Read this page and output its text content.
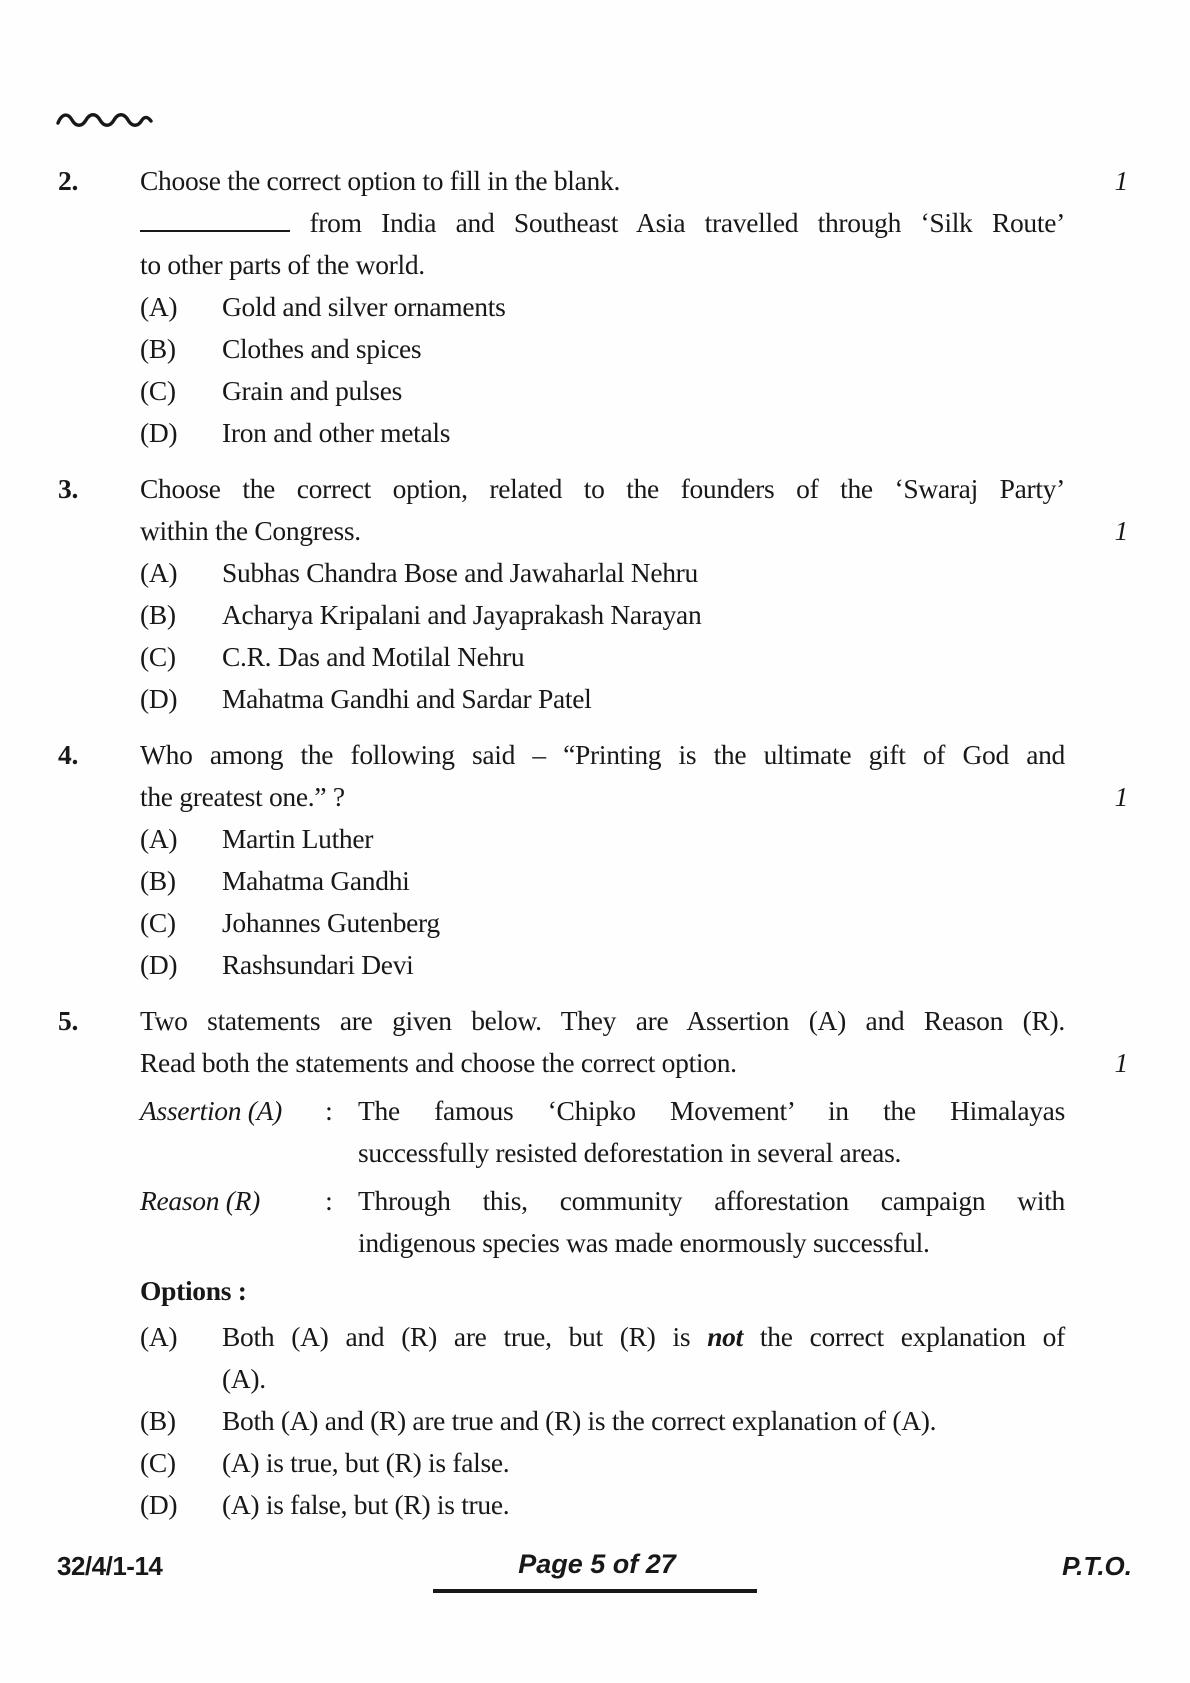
2.	Choose the correct option to fill in the blank.	1
from India and Southeast Asia travelled through ‘Silk Route’
to other parts of the world.
(A)	Gold and silver ornaments
(B)	Clothes and spices
(C)	Grain and pulses
(D)	Iron and other metals
3.	Choose the correct option, related to the founders of the ‘Swaraj Party’
within the Congress.	1
(A)	Subhas Chandra Bose and Jawaharlal Nehru
(B)	Acharya Kripalani and Jayaprakash Narayan
(C)	C.R. Das and Motilal Nehru
(D)	Mahatma Gandhi and Sardar Patel
4.	Who among the following said – “Printing is the ultimate gift of God and
the greatest one.” ?	1
(A)	Martin Luther
(B)	Mahatma Gandhi
(C)	Johannes Gutenberg
(D)	Rashsundari Devi
5.	Two statements are given below. They are Assertion (A) and Reason (R).
Read both the statements and choose the correct option.	1
Assertion (A)	: The famous ‘Chipko Movement’ in the Himalayas
successfully resisted deforestation in several areas.
Reason (R)	: Through this, community afforestation campaign with
indigenous species was made enormously successful.
Options :
(A)	Both (A) and (R) are true, but (R) is not the correct explanation of
(A).
(B)	Both (A) and (R) are true and (R) is the correct explanation of (A).
(C)	(A) is true, but (R) is false.
(D)	(A) is false, but (R) is true.
32/4/1-14	Page 5 of 27	P.T.O.
